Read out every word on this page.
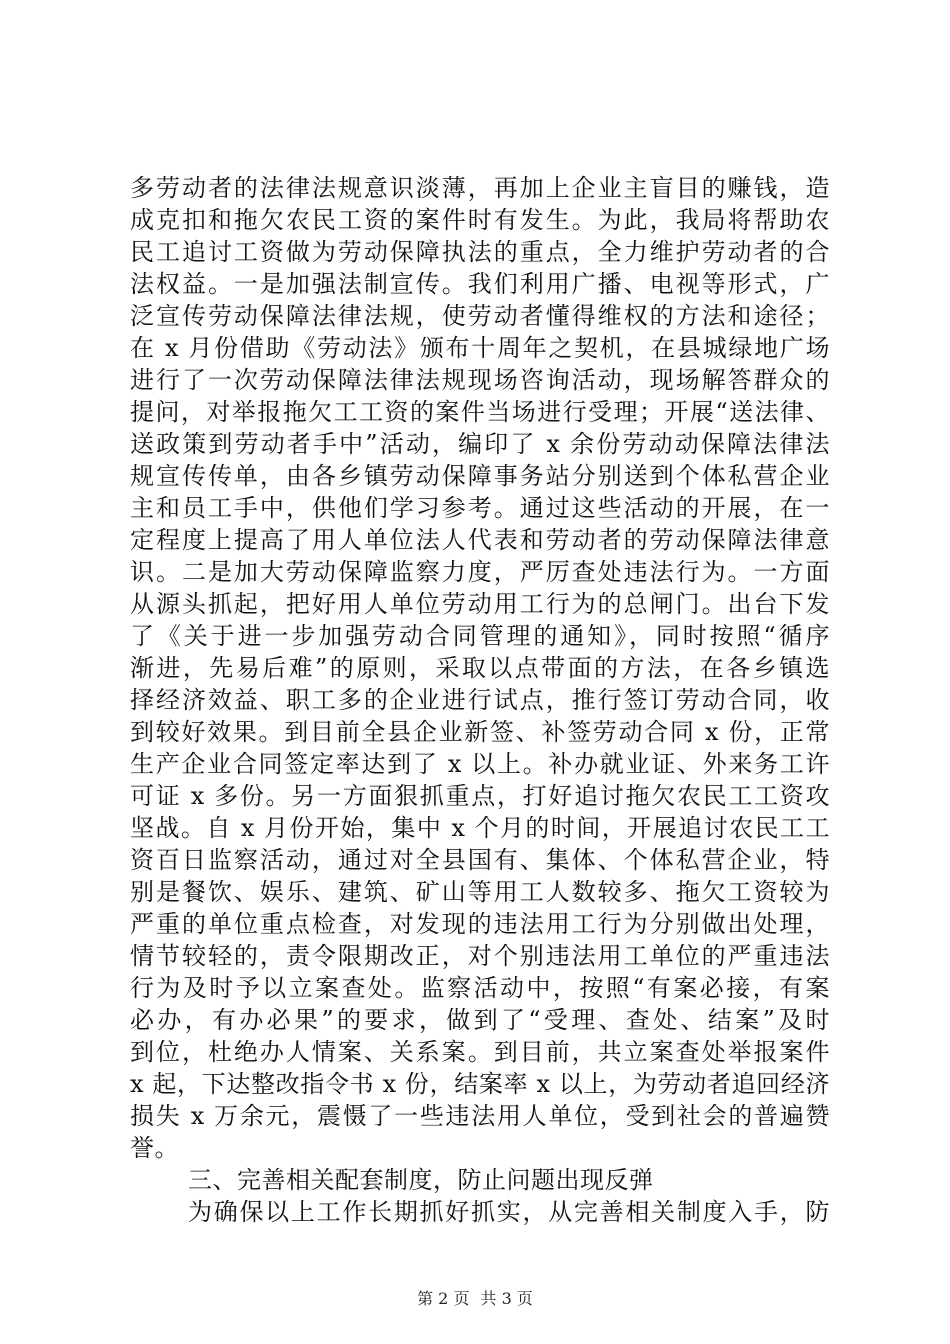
多劳动者的法律法规意识淡薄，再加上企业主盲目的赚钱，造
成克扣和拖欠农民工资的案件时有发生。为此，我局将帮助农
民工追讨工资做为劳动保障执法的重点，全力维护劳动者的合
法权益。一是加强法制宣传。我们利用广播、电视等形式，广
泛宣传劳动保障法律法规，使劳动者懂得维权的方法和途径；
在 x 月份借助《劳动法》颁布十周年之契机，在县城绿地广场
进行了一次劳动保障法律法规现场咨询活动，现场解答群众的
提问，对举报拖欠工工资的案件当场进行受理；开展“送法律、
送政策到劳动者手中”活动，编印了 x 余份劳动动保障法律法
规宣传传单，由各乡镇劳动保障事务站分别送到个体私营企业
主和员工手中，供他们学习参考。通过这些活动的开展，在一
定程度上提高了用人单位法人代表和劳动者的劳动保障法律意
识。二是加大劳动保障监察力度，严厉查处违法行为。一方面
从源头抓起，把好用人单位劳动用工行为的总闸门。出台下发
了《关于进一步加强劳动合同管理的通知》，同时按照“循序
渐进，先易后难”的原则，采取以点带面的方法，在各乡镇选
择经济效益、职工多的企业进行试点，推行签订劳动合同，收
到较好效果。到目前全县企业新签、补签劳动合同 x 份，正常
生产企业合同签定率达到了 x 以上。补办就业证、外来务工许
可证 x 多份。另一方面狠抓重点，打好追讨拖欠农民工工资攻
坚战。自 x 月份开始，集中 x 个月的时间，开展追讨农民工工
资百日监察活动，通过对全县国有、集体、个体私营企业，特
别是餐饮、娱乐、建筑、矿山等用工人数较多、拖欠工资较为
严重的单位重点检查，对发现的违法用工行为分别做出处理，
情节较轻的，责令限期改正，对个别违法用工单位的严重违法
行为及时予以立案查处。监察活动中，按照“有案必接，有案
必办，有办必果”的要求，做到了“受理、查处、结案”及时
到位，杜绝办人情案、关系案。到目前，共立案查处举报案件
x 起，下达整改指令书 x 份，结案率 x 以上，为劳动者追回经济
损失 x 万余元，震慑了一些违法用人单位，受到社会的普遍赞
誉。
三、完善相关配套制度，防止问题出现反弹
为确保以上工作长期抓好抓实，从完善相关制度入手，防
第 2 页 共 3 页
